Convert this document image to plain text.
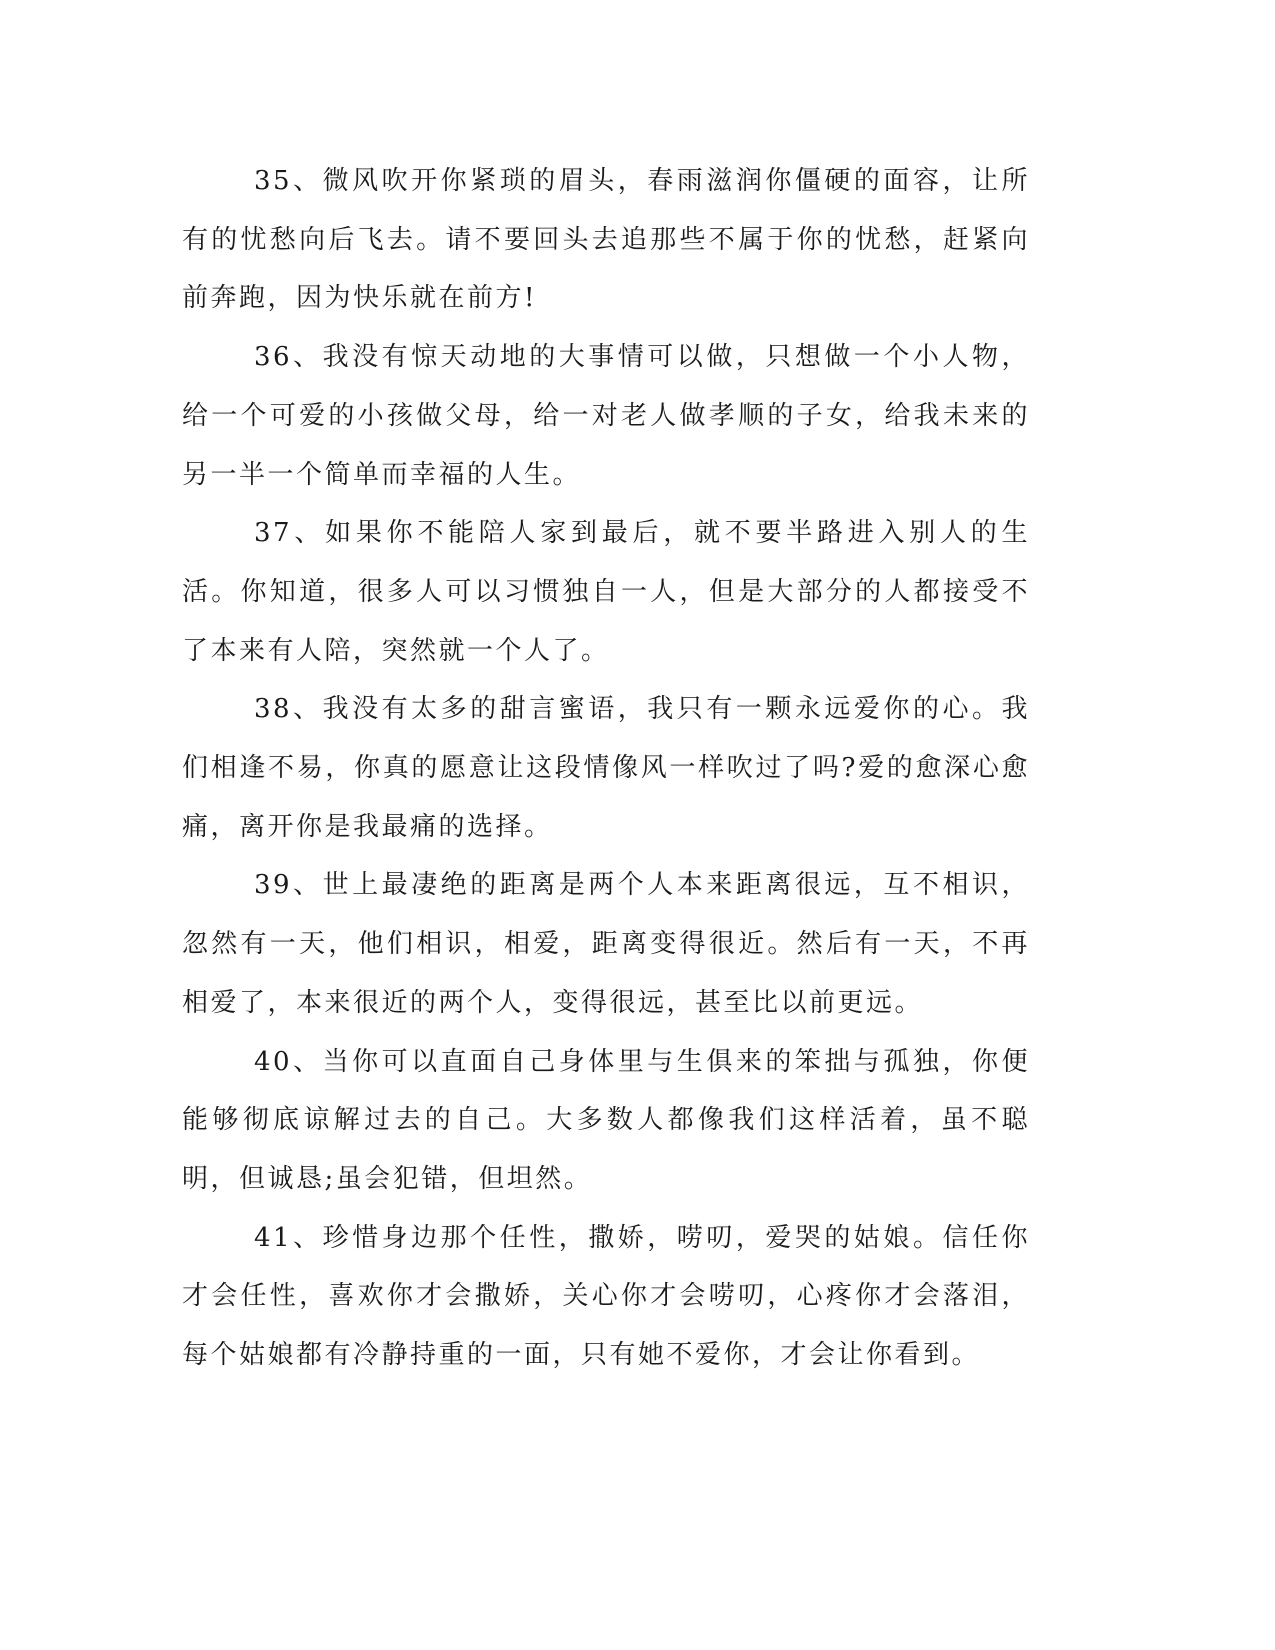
35、微风吹开你紧琐的眉头，春雨滋润你僵硬的面容，让所有的忧愁向后飞去。请不要回头去追那些不属于你的忧愁，赶紧向前奔跑，因为快乐就在前方!

36、我没有惊天动地的大事情可以做，只想做一个小人物，给一个可爱的小孩做父母，给一对老人做孝顺的子女，给我未来的另一半一个简单而幸福的人生。

37、如果你不能陪人家到最后，就不要半路进入别人的生活。你知道，很多人可以习惯独自一人，但是大部分的人都接受不了本来有人陪，突然就一个人了。

38、我没有太多的甜言蜜语，我只有一颗永远爱你的心。我们相逢不易，你真的愿意让这段情像风一样吹过了吗?爱的愈深心愈痛，离开你是我最痛的选择。

39、世上最凄绝的距离是两个人本来距离很远，互不相识，忽然有一天，他们相识，相爱，距离变得很近。然后有一天，不再相爱了，本来很近的两个人，变得很远，甚至比以前更远。

40、当你可以直面自己身体里与生俱来的笨拙与孤独，你便能够彻底谅解过去的自己。大多数人都像我们这样活着，虽不聪明，但诚恳;虽会犯错，但坦然。

41、珍惜身边那个任性，撒娇，唠叨，爱哭的姑娘。信任你才会任性，喜欢你才会撒娇，关心你才会唠叨，心疼你才会落泪，每个姑娘都有冷静持重的一面，只有她不爱你，才会让你看到。
